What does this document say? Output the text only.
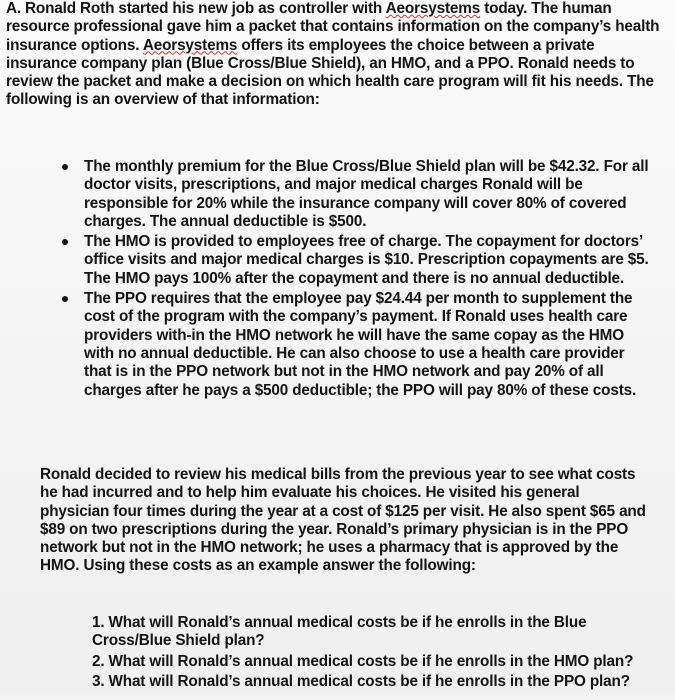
A. Ronald Roth started his new job as controller with Aeorsystems today. The human resource professional gave him a packet that contains information on the company’s health insurance options. Aeorsystems offers its employees the choice between a private insurance company plan (Blue Cross/Blue Shield), an HMO, and a PPO. Ronald needs to review the packet and make a decision on which health care program will fit his needs. The following is an overview of that information:
The monthly premium for the Blue Cross/Blue Shield plan will be $42.32. For all doctor visits, prescriptions, and major medical charges Ronald will be responsible for 20% while the insurance company will cover 80% of covered charges. The annual deductible is $500.
The HMO is provided to employees free of charge. The copayment for doctors’ office visits and major medical charges is $10. Prescription copayments are $5. The HMO pays 100% after the copayment and there is no annual deductible.
The PPO requires that the employee pay $24.44 per month to supplement the cost of the program with the company’s payment. If Ronald uses health care providers with-in the HMO network he will have the same copay as the HMO with no annual deductible. He can also choose to use a health care provider that is in the PPO network but not in the HMO network and pay 20% of all charges after he pays a $500 deductible; the PPO will pay 80% of these costs.
Ronald decided to review his medical bills from the previous year to see what costs he had incurred and to help him evaluate his choices. He visited his general physician four times during the year at a cost of $125 per visit. He also spent $65 and $89 on two prescriptions during the year. Ronald’s primary physician is in the PPO network but not in the HMO network; he uses a pharmacy that is approved by the HMO. Using these costs as an example answer the following:
1. What will Ronald’s annual medical costs be if he enrolls in the Blue Cross/Blue Shield plan?
2. What will Ronald’s annual medical costs be if he enrolls in the HMO plan?
3. What will Ronald’s annual medical costs be if he enrolls in the PPO plan?
